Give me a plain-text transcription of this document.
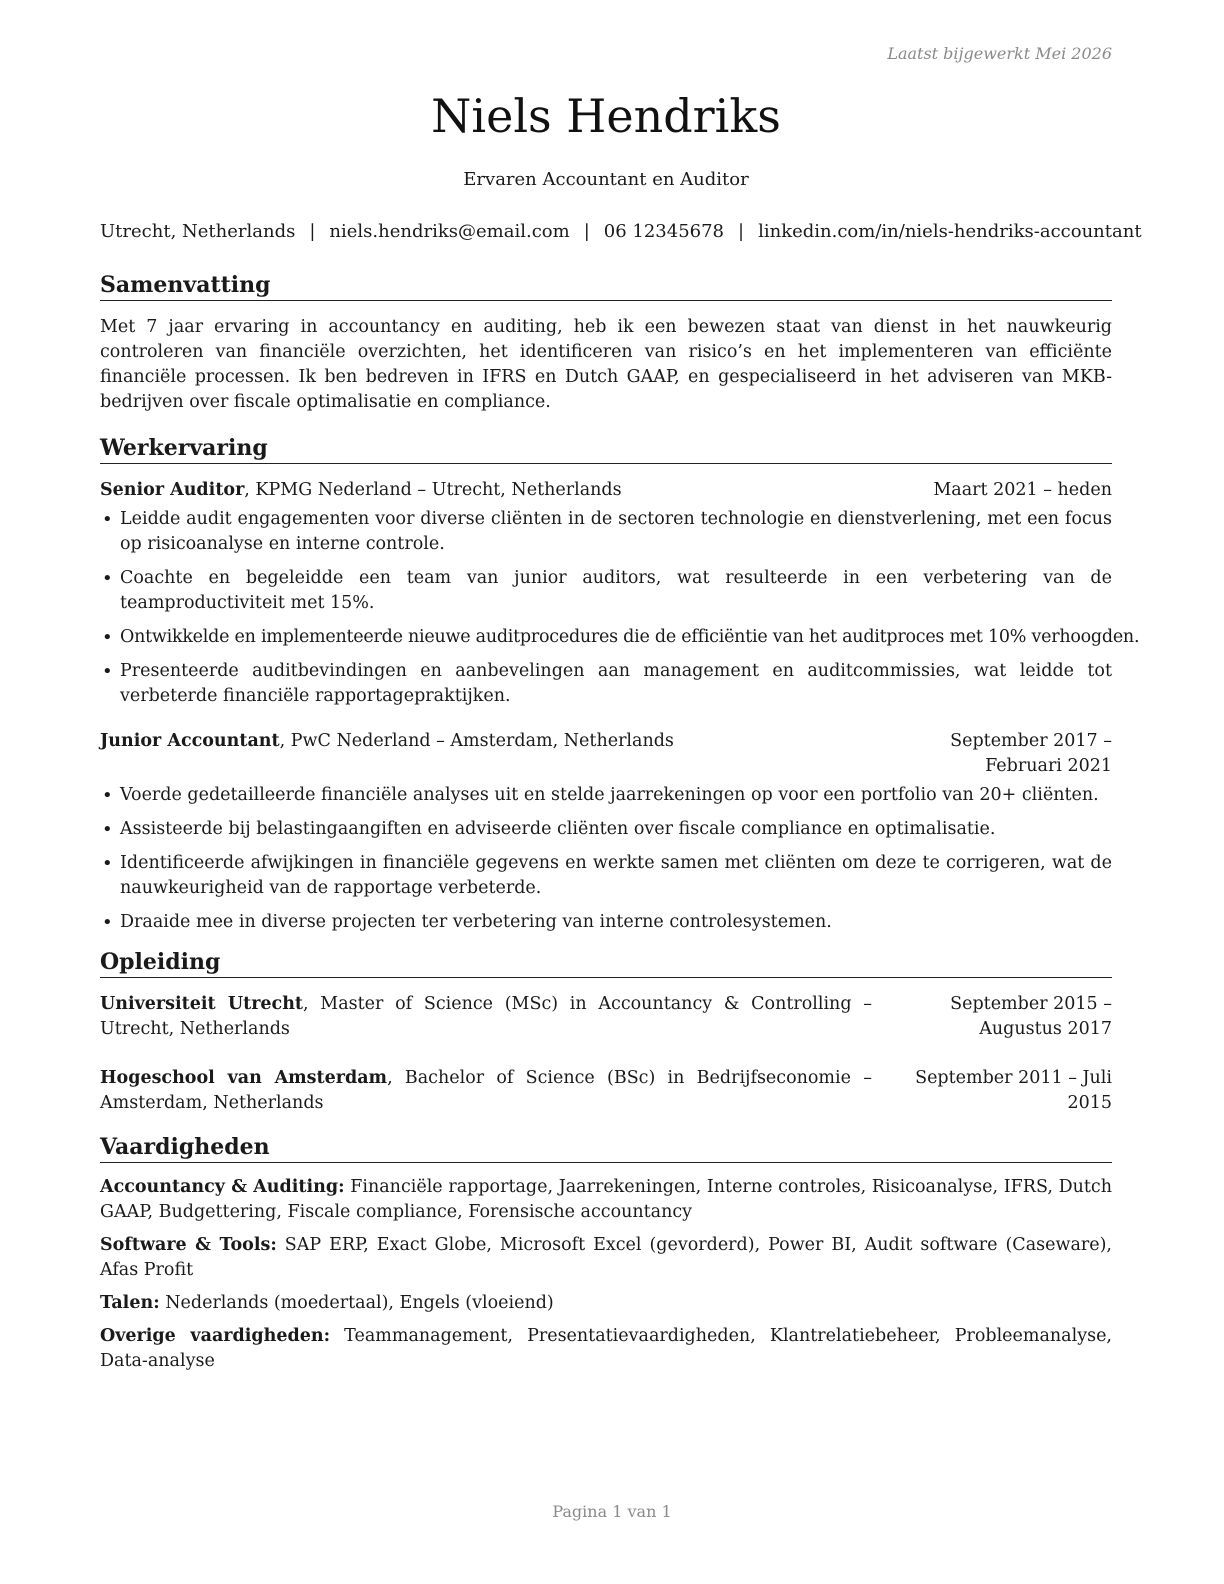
Laatst bijgewerkt Mei 2026
Niels Hendriks
Ervaren Accountant en Auditor
Utrecht, Netherlands | niels.hendriks@email.com | 06 12345678 | linkedin.com/in/niels-hendriks-accountant
Samenvatting

Met 7 jaar ervaring in accountancy en auditing, heb ik een bewezen staat van dienst in het nauwkeurig controleren van financiële overzichten, het identificeren van risico’s en het implementeren van efficiënte financiële processen. Ik ben bedreven in IFRS en Dutch GAAP, en gespecialiseerd in het adviseren van MKB-bedrijven over fiscale optimalisatie en compliance.

Werkervaring
Senior Auditor, KPMG Nederland – Utrecht, Netherlands	Maart 2021 – heden
• Leidde audit engagementen voor diverse cliënten in de sectoren technologie en dienstverlening, met een focus op risicoanalyse en interne controle.
• Coachte en begeleidde een team van junior auditors, wat resulteerde in een verbetering van de teamproductiviteit met 15%.
• Ontwikkelde en implementeerde nieuwe auditprocedures die de efficiëntie van het auditproces met 10% verhoogden.
• Presenteerde auditbevindingen en aanbevelingen aan management en auditcommissies, wat leidde tot verbeterde financiële rapportagepraktijken.
Junior Accountant, PwC Nederland – Amsterdam, Netherlands	September 2017 – Februari 2021
• Voerde gedetailleerde financiële analyses uit en stelde jaarrekeningen op voor een portfolio van 20+ cliënten.
• Assisteerde bij belastingaangiften en adviseerde cliënten over fiscale compliance en optimalisatie.
• Identificeerde afwijkingen in financiële gegevens en werkte samen met cliënten om deze te corrigeren, wat de nauwkeurigheid van de rapportage verbeterde.
• Draaide mee in diverse projecten ter verbetering van interne controlesystemen.
Opleiding
Universiteit Utrecht, Master of Science (MSc) in Accountancy & Controlling – Utrecht, Netherlands
September 2015 – Augustus 2017
Hogeschool van Amsterdam, Bachelor of Science (BSc) in Bedrijfseconomie – Amsterdam, Netherlands
September 2011 – Juli 2015
Vaardigheden

Accountancy & Auditing: Financiële rapportage, Jaarrekeningen, Interne controles, Risicoanalyse, IFRS, Dutch GAAP, Budgettering, Fiscale compliance, Forensische accountancy

Software & Tools: SAP ERP, Exact Globe, Microsoft Excel (gevorderd), Power BI, Audit software (Caseware), Afas Profit

Talen: Nederlands (moedertaal), Engels (vloeiend)

Overige vaardigheden: Teammanagement, Presentatievaardigheden, Klantrelatiebeheer, Probleemanalyse, Data-analyse

Pagina 1 van 1
